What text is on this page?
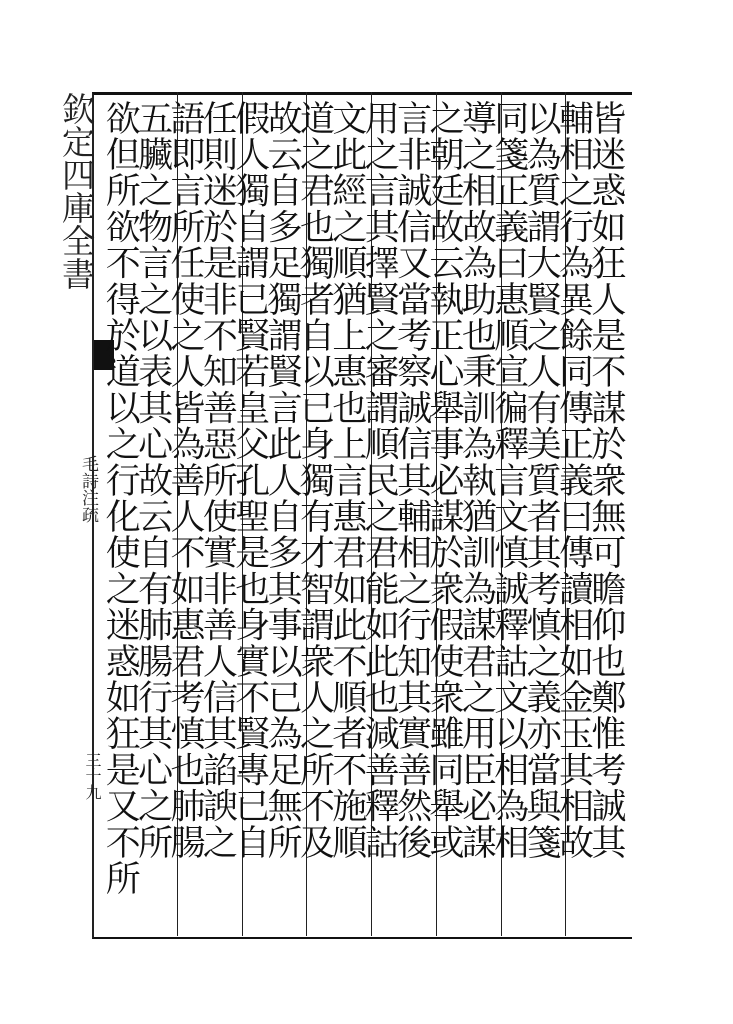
欽定四庫全書
毛詩注疏
三十九	皆迷惑如狂人是不謀於衆無可瞻仰也鄭惟考誠其
輔相之行為異餘同傳正義曰傳讀相如金玉其相故
以為質謂大賢之人有美質者其考慎之義亦當與箋
同箋正義曰惠順宣徧釋言文慎誠釋詁文以相為相
導之相故為助也秉訓為執猶訓為謀君之用臣必謀
之朝廷故云執正心舉事必謀於衆假使衆雖同舉或
言非誠信又當考察誠信其輔相之行知其實善然後
用之言其擇賢之審謂順民之君能如此也減善釋詁
文此經之順猶上惠也上言惠君如此不順者不施順
道之君也獨者自以已身獨有才智謂衆人之所不及
故云自多足獨謂賢言此人自多其事以已為足無所
假人獨自謂已賢若皇父孔聖是也身實不賢專已自
任則迷於是非不知善惡所使實非善人信其諂諛之
語即言所任使之人皆為善人不如惠君考慎也肺腸
五臟之物言之以表其心故云自有肺腸行其心之所
欲但所欲不得於道以之行化使之迷惑如狂是又不所
